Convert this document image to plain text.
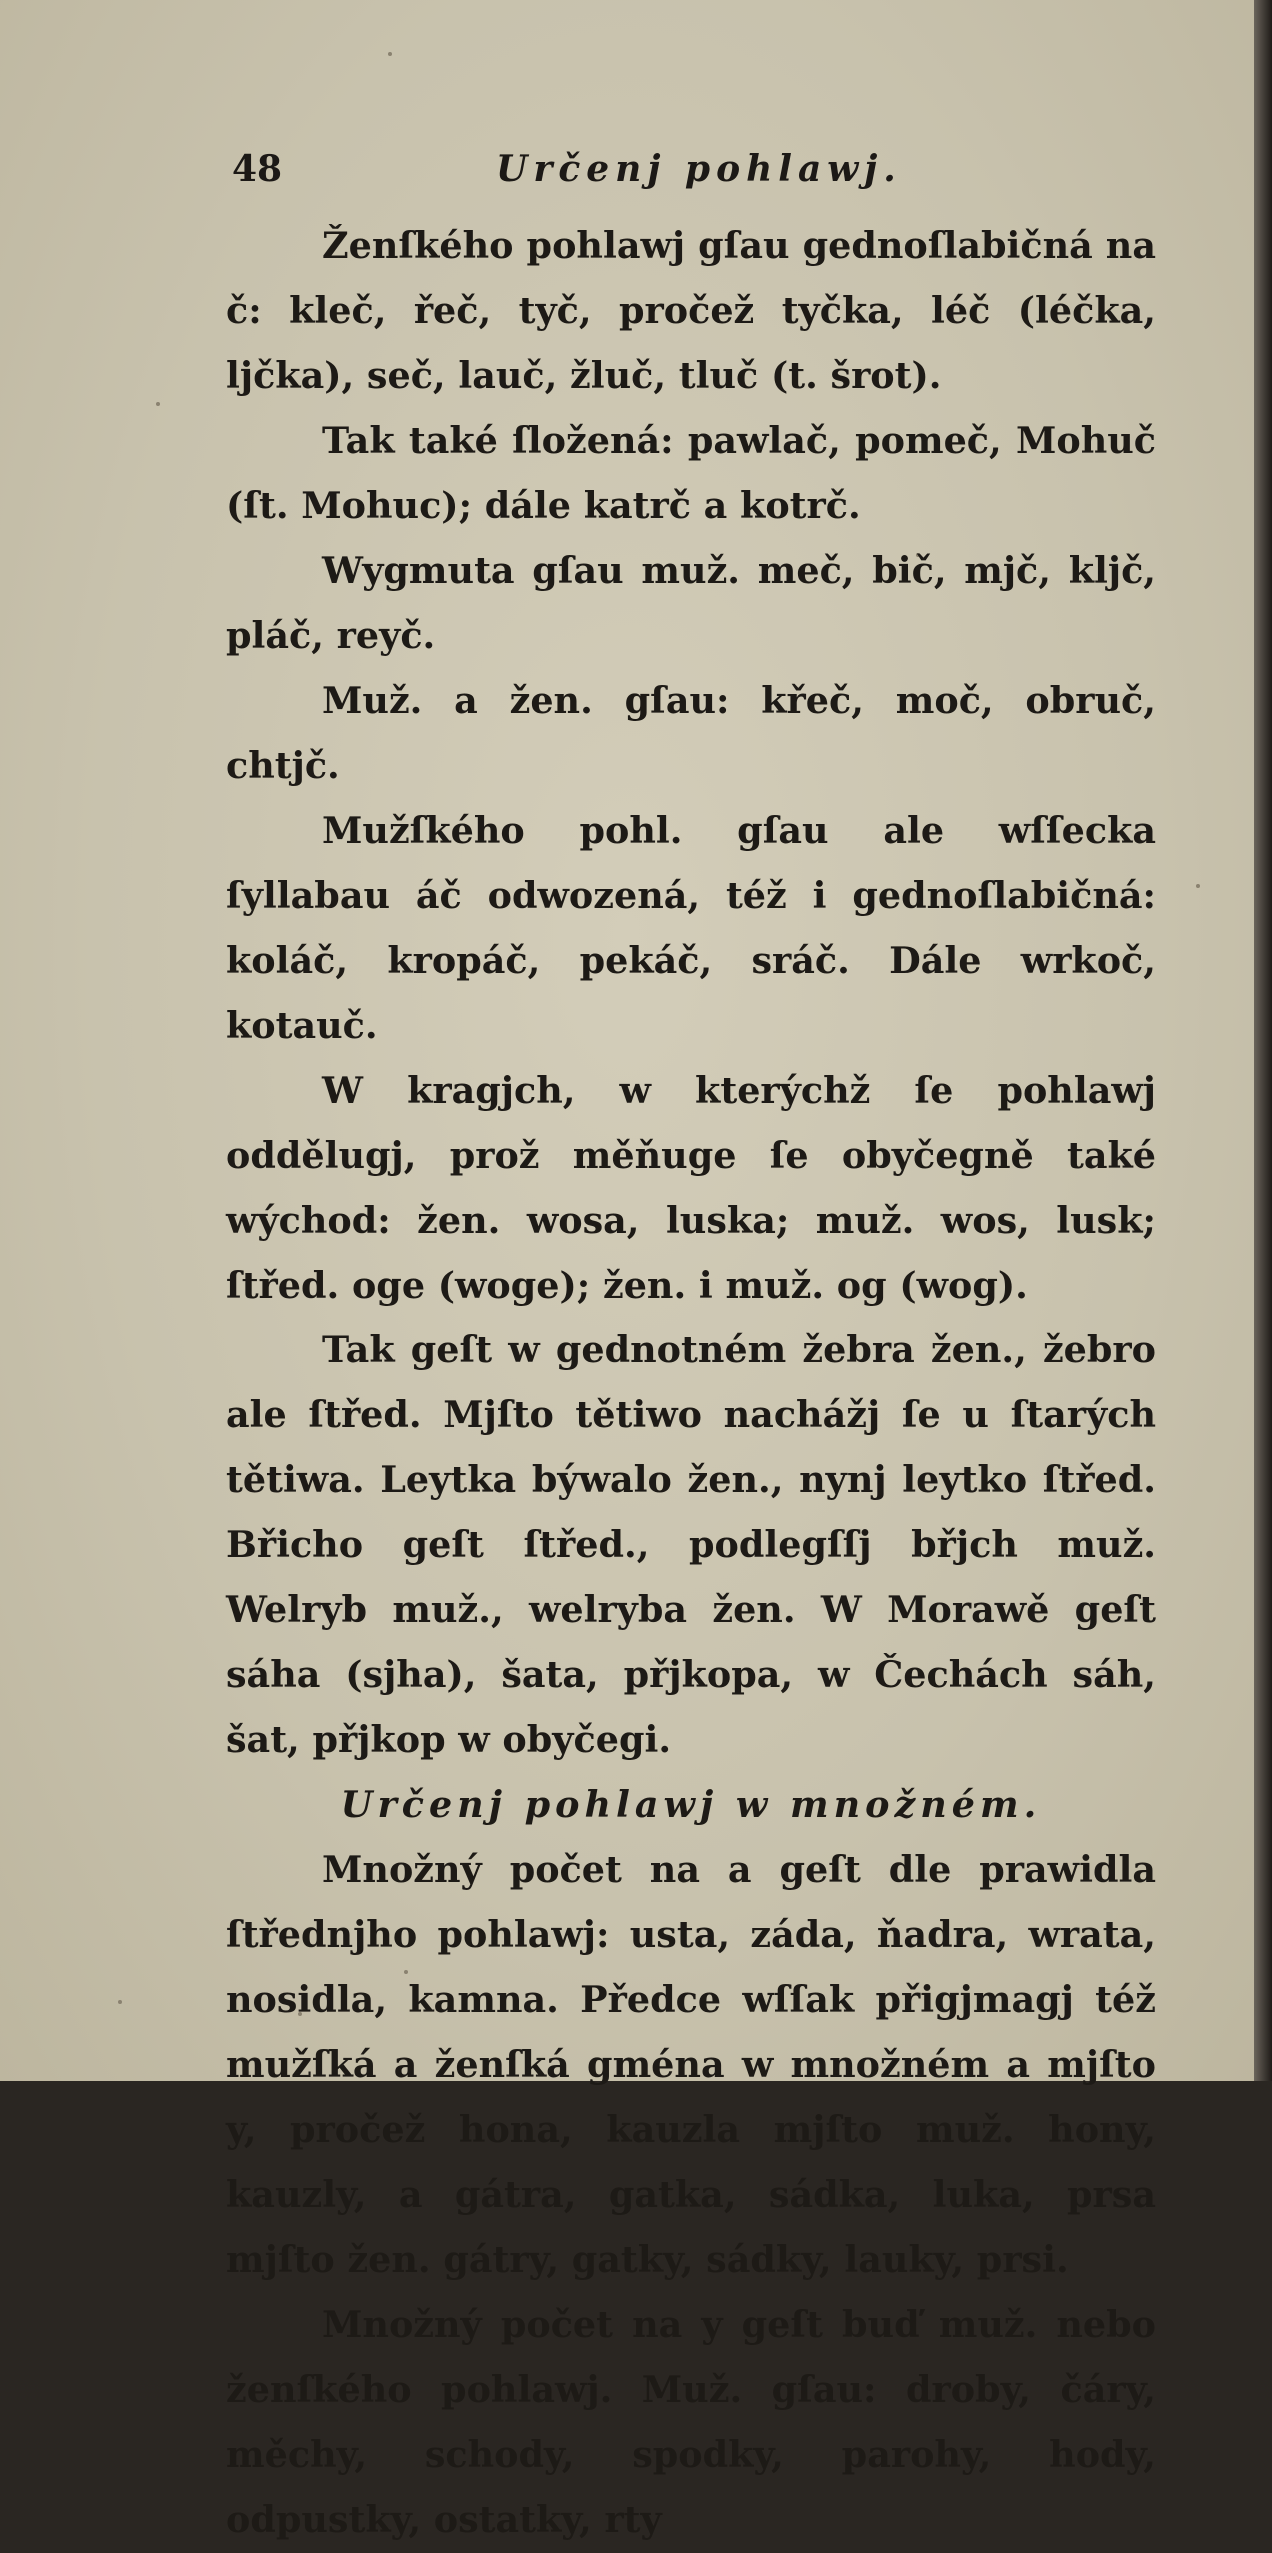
48	Určenj pohlawj.

Ženſkého pohlawj gſau gednoſlabičná na č: kleč, řeč, tyč, pročež tyčka, léč (léčka, ljčka), seč, lauč, žluč, tluč (t. šrot).

Tak také ſložená: pawlač, pomeč, Mohuč (ſt. Mohuc); dále katrč a kotrč.

Wygmuta gſau muž. meč, bič, mjč, kljč, pláč, reyč.

Muž. a žen. gſau: křeč, moč, obruč, chtjč.

Mužſkého pohl. gſau ale wſſecka ſyllabau áč odwozená, též i gednoſlabičná: koláč, kropáč, pekáč, sráč. Dále wrkoč, kotauč.

W kragjch, w kterýchž ſe pohlawj oddělugj, prož měňuge ſe obyčegně také wýchod: žen. wosa, luska; muž. wos, lusk; ſtřed. oge (woge); žen. i muž. og (wog).

Tak geſt w gednotném žebra žen., žebro ale ſtřed. Mjſto tětiwo nachážj ſe u ſtarých tětiwa. Leytka býwalo žen., nynj leytko ſtřed. Břicho geſt ſtřed., podlegſſj břjch muž. Welryb muž., welryba žen. W Morawě geſt sáha (sjha), šata, přjkopa, w Čechách sáh, šat, přjkop w obyčegi.

Určenj pohlawj w množném.

Množný počet na a geſt dle prawidla ſtřednjho pohlawj: usta, záda, ňadra, wrata, nosidla, kamna. Předce wſſak přigjmagj též mužſká a ženſká gména w množném a mjſto y, pročež hona, kauzla mjſto muž. hony, kauzly, a gátra, gatka, sádka, luka, prsa mjſto žen. gátry, gatky, sádky, lauky, prsi.

Množný počet na y geſt buď muž. nebo ženſkého pohlawj. Muž. gſau: droby, čáry, měchy, schody, spodky, parohy, hody, odpustky, ostatky, rty
